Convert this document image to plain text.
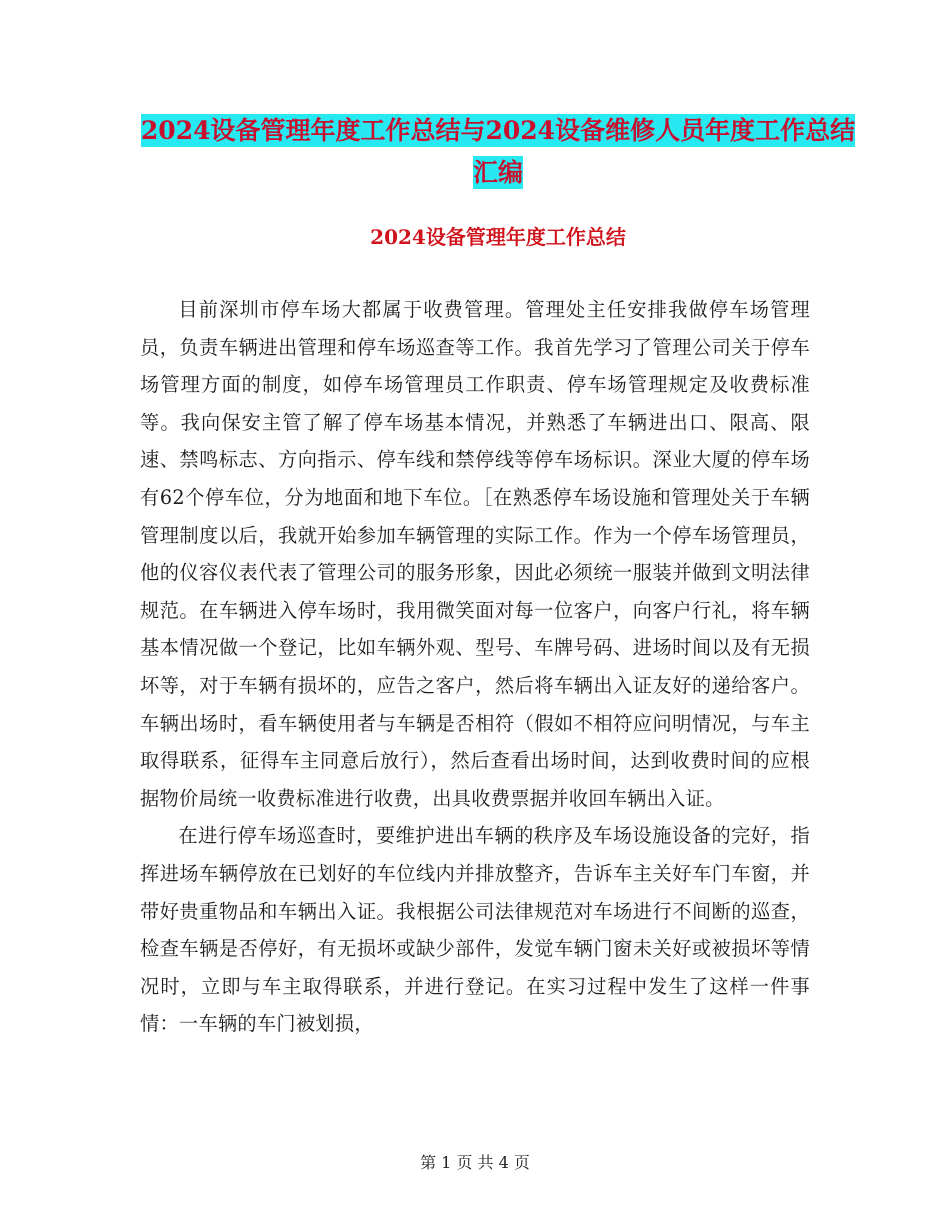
2024设备管理年度工作总结与2024设备维修人员年度工作总结汇编
2024设备管理年度工作总结

目前深圳市停车场大都属于收费管理。管理处主任安排我做停车场管理员，负责车辆进出管理和停车场巡查等工作。我首先学习了管理公司关于停车场管理方面的制度，如停车场管理员工作职责、停车场管理规定及收费标准等。我向保安主管了解了停车场基本情况，并熟悉了车辆进出口、限高、限速、禁鸣标志、方向指示、停车线和禁停线等停车场标识。深业大厦的停车场有62个停车位，分为地面和地下车位。［在熟悉停车场设施和管理处关于车辆管理制度以后，我就开始参加车辆管理的实际工作。作为一个停车场管理员，他的仪容仪表代表了管理公司的服务形象，因此必须统一服装并做到文明法律规范。在车辆进入停车场时，我用微笑面对每一位客户，向客户行礼，将车辆基本情况做一个登记，比如车辆外观、型号、车牌号码、进场时间以及有无损坏等，对于车辆有损坏的，应告之客户，然后将车辆出入证友好的递给客户。 车辆出场时，看车辆使用者与车辆是否相符（假如不相符应问明情况，与车主取得联系，征得车主同意后放行），然后查看出场时间，达到收费时间的应根据物价局统一收费标准进行收费，出具收费票据并收回车辆出入证。

在进行停车场巡查时，要维护进出车辆的秩序及车场设施设备的完好，指挥进场车辆停放在已划好的车位线内并排放整齐，告诉车主关好车门车窗，并带好贵重物品和车辆出入证。我根据公司法律规范对车场进行不间断的巡查，检查车辆是否停好，有无损坏或缺少部件，发觉车辆门窗未关好或被损坏等情况时，立即与车主取得联系，并进行登记。在实习过程中发生了这样一件事情：一车辆的车门被划损，

第 1 页 共 4 页
